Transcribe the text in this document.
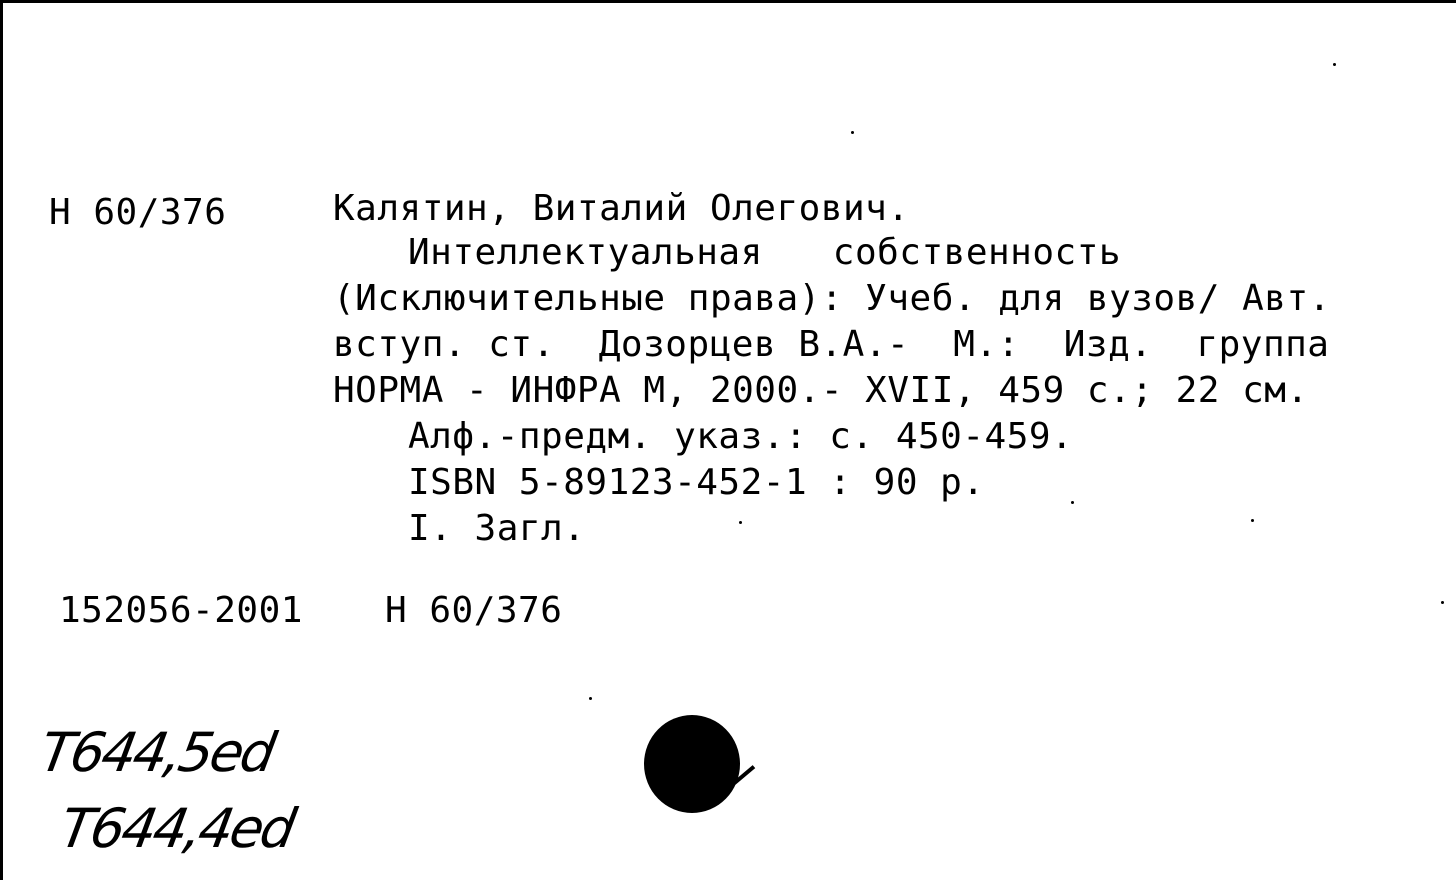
Н 60/376	Калятин, Виталий Олегович.
Интеллектуальная собственность
(Исключительные права): Учеб. для вузов/ Авт.
вступ. ст. Дозорцев В.А.- М.: Изд. группа
НОРМА - ИНФРА М, 2000.- XVII, 459 с.; 22 см.
Алф.-предм. указ.: с. 450-459.
ISBN 5-89123-452-1 : 90 р.
I. Загл.
152056-2001 Н 60/376
T644,5ed
T644,4ed
